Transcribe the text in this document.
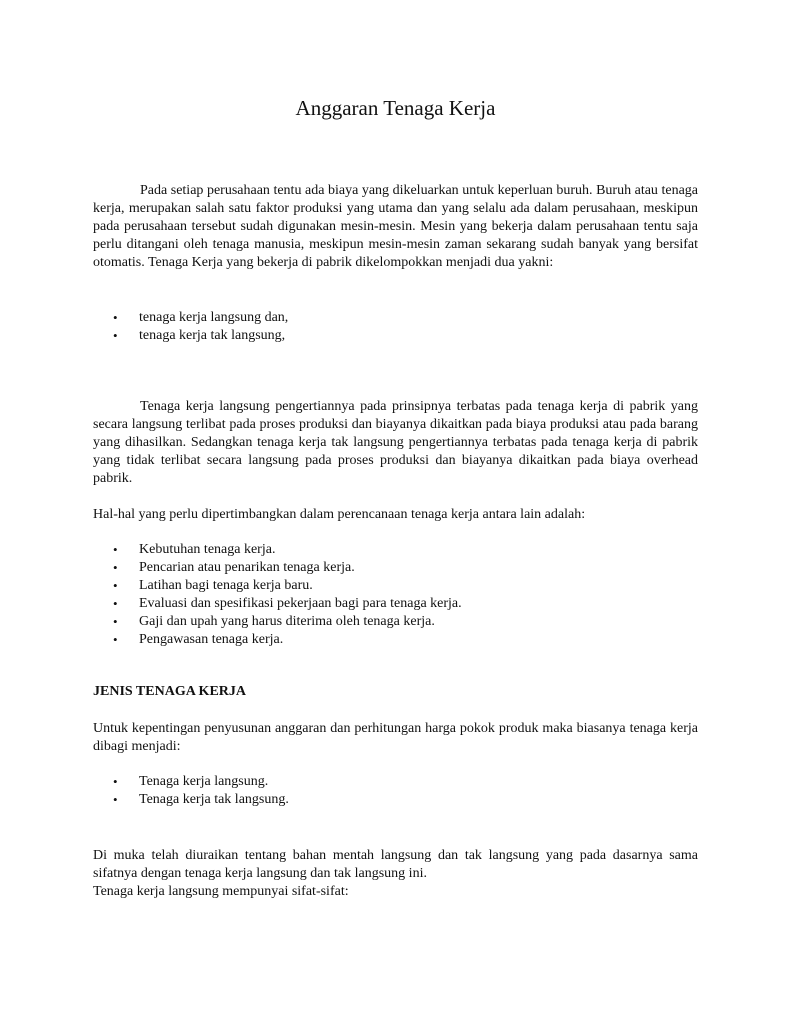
Anggaran Tenaga Kerja

Pada setiap perusahaan tentu ada biaya yang dikeluarkan untuk keperluan buruh. Buruh atau tenaga kerja, merupakan salah satu faktor produksi yang utama dan yang selalu ada dalam perusahaan, meskipun pada perusahaan tersebut sudah digunakan mesin-mesin. Mesin yang bekerja dalam perusahaan tentu saja perlu ditangani oleh tenaga manusia, meskipun mesin-mesin zaman sekarang sudah banyak yang bersifat otomatis. Tenaga Kerja yang bekerja di pabrik dikelompokkan menjadi dua yakni:

• tenaga kerja langsung dan,
• tenaga kerja tak langsung,

Tenaga kerja langsung pengertiannya pada prinsipnya terbatas pada tenaga kerja di pabrik yang secara langsung terlibat pada proses produksi dan biayanya dikaitkan pada biaya produksi atau pada barang yang dihasilkan. Sedangkan tenaga kerja tak langsung pengertiannya terbatas pada tenaga kerja di pabrik yang tidak terlibat secara langsung pada proses produksi dan biayanya dikaitkan pada biaya overhead pabrik.

Hal-hal yang perlu dipertimbangkan dalam perencanaan tenaga kerja antara lain adalah:

• Kebutuhan tenaga kerja.
• Pencarian atau penarikan tenaga kerja.
• Latihan bagi tenaga kerja baru.
• Evaluasi dan spesifikasi pekerjaan bagi para tenaga kerja.
• Gaji dan upah yang harus diterima oleh tenaga kerja.
• Pengawasan tenaga kerja.
JENIS TENAGA KERJA

Untuk kepentingan penyusunan anggaran dan perhitungan harga pokok produk maka biasanya tenaga kerja dibagi menjadi:

• Tenaga kerja langsung.
• Tenaga kerja tak langsung.

Di muka telah diuraikan tentang bahan mentah langsung dan tak langsung yang pada dasarnya sama sifatnya dengan tenaga kerja langsung dan tak langsung ini.

Tenaga kerja langsung mempunyai sifat-sifat:
